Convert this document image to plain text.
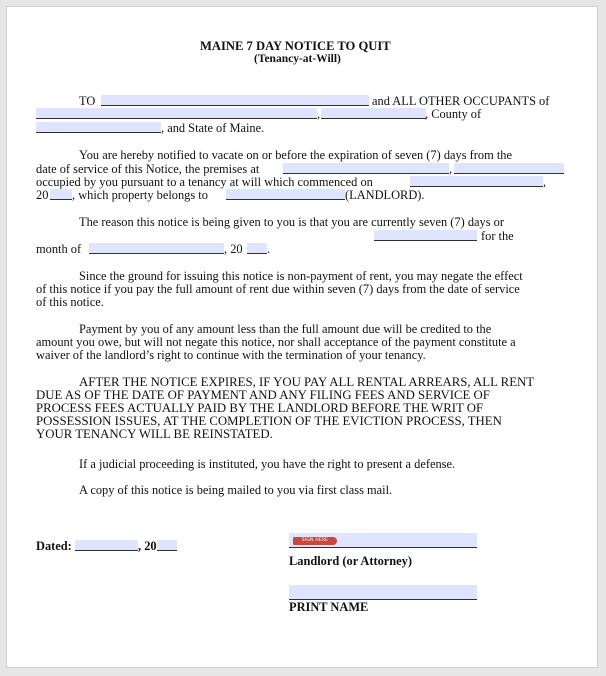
MAINE 7 DAY NOTICE TO QUIT
(Tenancy-at-Will)
TO	and ALL OTHER OCCUPANTS of
,	, County of
, and State of Maine.
You are hereby notified to vacate on or before the expiration of seven (7) days from the
date of service of this Notice, the premises at	,
occupied by you pursuant to a tenancy at will which commenced on	,
20 , which property belongs to	(LANDLORD).
The reason this notice is being given to you is that you are currently seven (7) days or
for the
month of	, 20 .
Since the ground for issuing this notice is non-payment of rent, you may negate the effect
of this notice if you pay the full amount of rent due within seven (7) days from the date of service
of this notice.
Payment by you of any amount less than the full amount due will be credited to the
amount you owe, but will not negate this notice, nor shall acceptance of the payment constitute a
waiver of the landlord’s right to continue with the termination of your tenancy.
AFTER THE NOTICE EXPIRES, IF YOU PAY ALL RENTAL ARREARS, ALL RENT
DUE AS OF THE DATE OF PAYMENT AND ANY FILING FEES AND SERVICE OF
PROCESS FEES ACTUALLY PAID BY THE LANDLORD BEFORE THE WRIT OF
POSSESSION ISSUES, AT THE COMPLETION OF THE EVICTION PROCESS, THEN
YOUR TENANCY WILL BE REINSTATED.
If a judicial proceeding is instituted, you have the right to present a defense.
A copy of this notice is being mailed to you via first class mail.
Dated:	, 20	SIGN HERE
Landlord (or Attorney)
PRINT NAME
